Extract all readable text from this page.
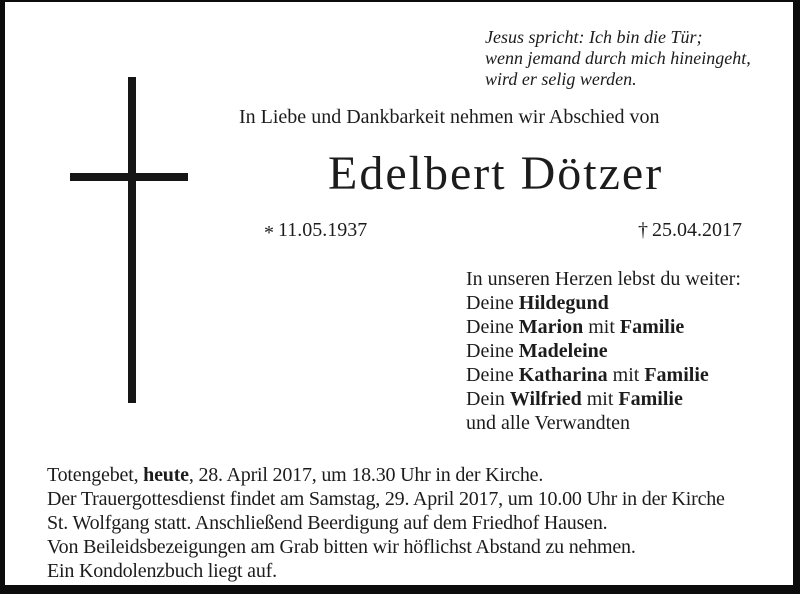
Jesus spricht: Ich bin die Tür;
wenn jemand durch mich hineingeht,
wird er selig werden.
In Liebe und Dankbarkeit nehmen wir Abschied von
Edelbert Dötzer
* 11.05.1937	† 25.04.2017
In unseren Herzen lebst du weiter:
Deine Hildegund
Deine Marion mit Familie
Deine Madeleine
Deine Katharina mit Familie
Dein Wilfried mit Familie
und alle Verwandten
Totengebet, heute, 28. April 2017, um 18.30 Uhr in der Kirche.
Der Trauergottesdienst findet am Samstag, 29. April 2017, um 10.00 Uhr in der Kirche
St. Wolfgang statt. Anschließend Beerdigung auf dem Friedhof Hausen.
Von Beileidsbezeigungen am Grab bitten wir höflichst Abstand zu nehmen.
Ein Kondolenzbuch liegt auf.
